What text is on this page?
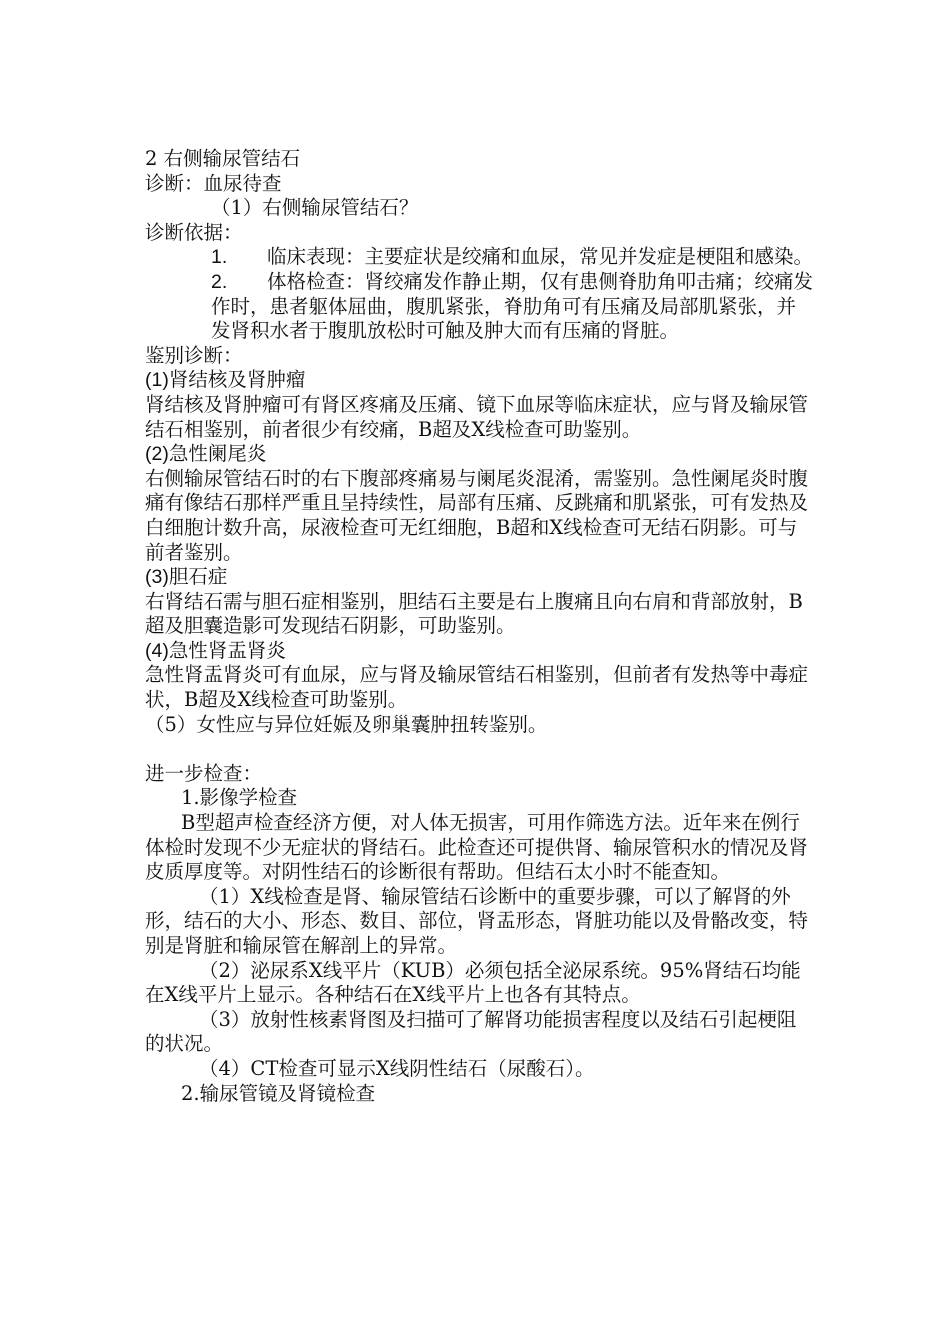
2 右侧输尿管结石
诊断：血尿待查
（1）右侧输尿管结石？
诊断依据：
1. 临床表现：主要症状是绞痛和血尿，常见并发症是梗阻和感染。
2. 体格检查：肾绞痛发作静止期，仅有患侧脊肋角叩击痛；绞痛发作时，患者躯体屈曲，腹肌紧张，脊肋角可有压痛及局部肌紧张，并发肾积水者于腹肌放松时可触及肿大而有压痛的肾脏。
鉴别诊断：
(1)肾结核及肾肿瘤
肾结核及肾肿瘤可有肾区疼痛及压痛、镜下血尿等临床症状，应与肾及输尿管结石相鉴别，前者很少有绞痛，B超及X线检查可助鉴别。
(2)急性阑尾炎
右侧输尿管结石时的右下腹部疼痛易与阑尾炎混淆，需鉴别。急性阑尾炎时腹痛有像结石那样严重且呈持续性，局部有压痛、反跳痛和肌紧张，可有发热及白细胞计数升高，尿液检查可无红细胞，B超和X线检查可无结石阴影。可与前者鉴别。
(3)胆石症
右肾结石需与胆石症相鉴别，胆结石主要是右上腹痛且向右肩和背部放射，B超及胆囊造影可发现结石阴影，可助鉴别。
(4)急性肾盂肾炎
急性肾盂肾炎可有血尿，应与肾及输尿管结石相鉴别，但前者有发热等中毒症状，B超及X线检查可助鉴别。
（5）女性应与异位妊娠及卵巢囊肿扭转鉴别。
进一步检查：
1.影像学检查
B型超声检查经济方便，对人体无损害，可用作筛选方法。近年来在例行体检时发现不少无症状的肾结石。此检查还可提供肾、输尿管积水的情况及肾皮质厚度等。对阴性结石的诊断很有帮助。但结石太小时不能查知。
（1）X线检查是肾、输尿管结石诊断中的重要步骤，可以了解肾的外形，结石的大小、形态、数目、部位，肾盂形态，肾脏功能以及骨骼改变，特别是肾脏和输尿管在解剖上的异常。
（2）泌尿系X线平片（KUB）必须包括全泌尿系统。95%肾结石均能在X线平片上显示。各种结石在X线平片上也各有其特点。
（3）放射性核素肾图及扫描可了解肾功能损害程度以及结石引起梗阻的状况。
（4）CT检查可显示X线阴性结石（尿酸石）。
2.输尿管镜及肾镜检查
